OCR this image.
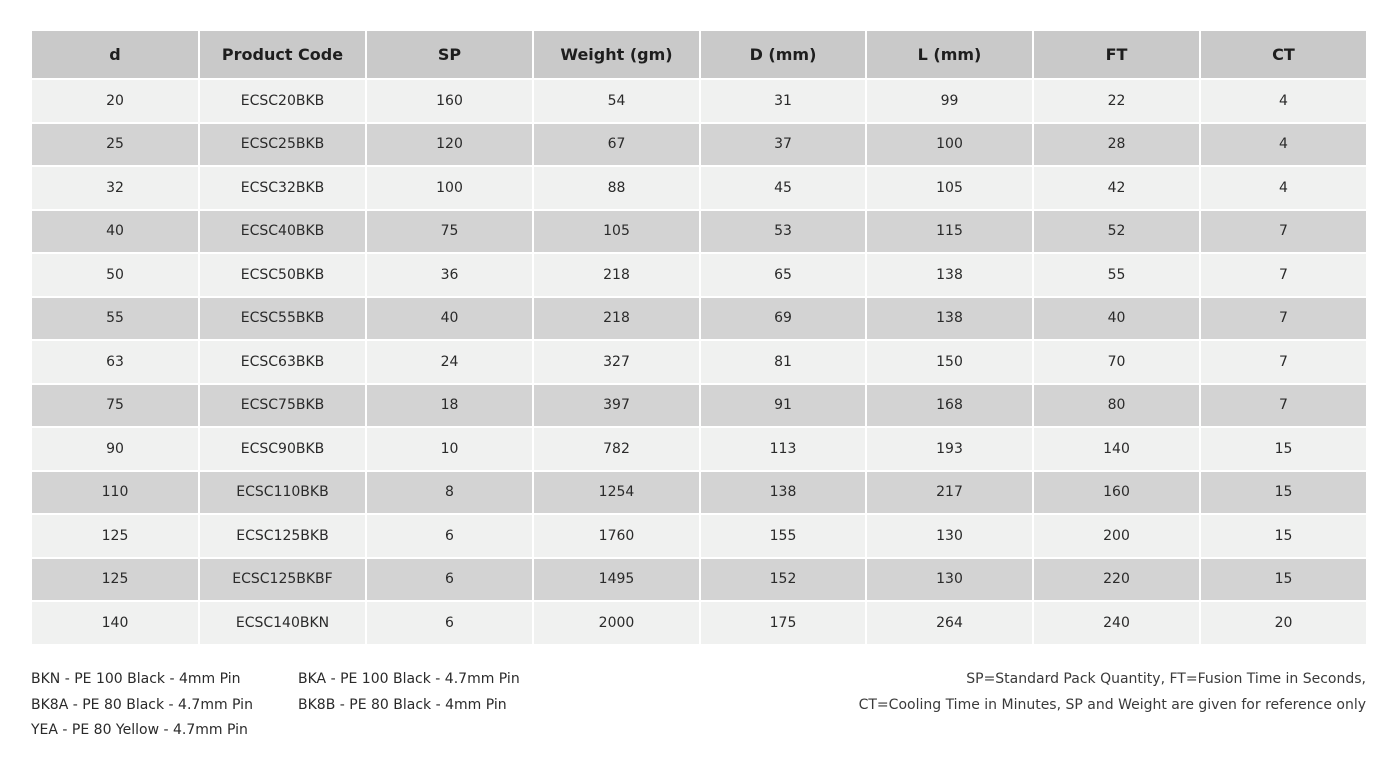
d	Product Code	SP	Weight (gm)	D (mm)	L (mm)	FT	CT
20	ECSC20BKB	160	54	31	99	22	4
25	ECSC25BKB	120	67	37	100	28	4
32	ECSC32BKB	100	88	45	105	42	4
40	ECSC40BKB	75	105	53	115	52	7
50	ECSC50BKB	36	218	65	138	55	7
55	ECSC55BKB	40	218	69	138	40	7
63	ECSC63BKB	24	327	81	150	70	7
75	ECSC75BKB	18	397	91	168	80	7
90	ECSC90BKB	10	782	113	193	140	15
110	ECSC110BKB	8	1254	138	217	160	15
125	ECSC125BKB	6	1760	155	130	200	15
125	ECSC125BKBF	6	1495	152	130	220	15
140	ECSC140BKN	6	2000	175	264	240	20
BKN - PE 100 Black - 4mm Pin
BK8A - PE 80 Black - 4.7mm Pin
YEA - PE 80 Yellow - 4.7mm Pin
BKA - PE 100 Black - 4.7mm Pin
BK8B - PE 80 Black - 4mm Pin
SP=Standard Pack Quantity, FT=Fusion Time in Seconds,
CT=Cooling Time in Minutes, SP and Weight are given for reference only
